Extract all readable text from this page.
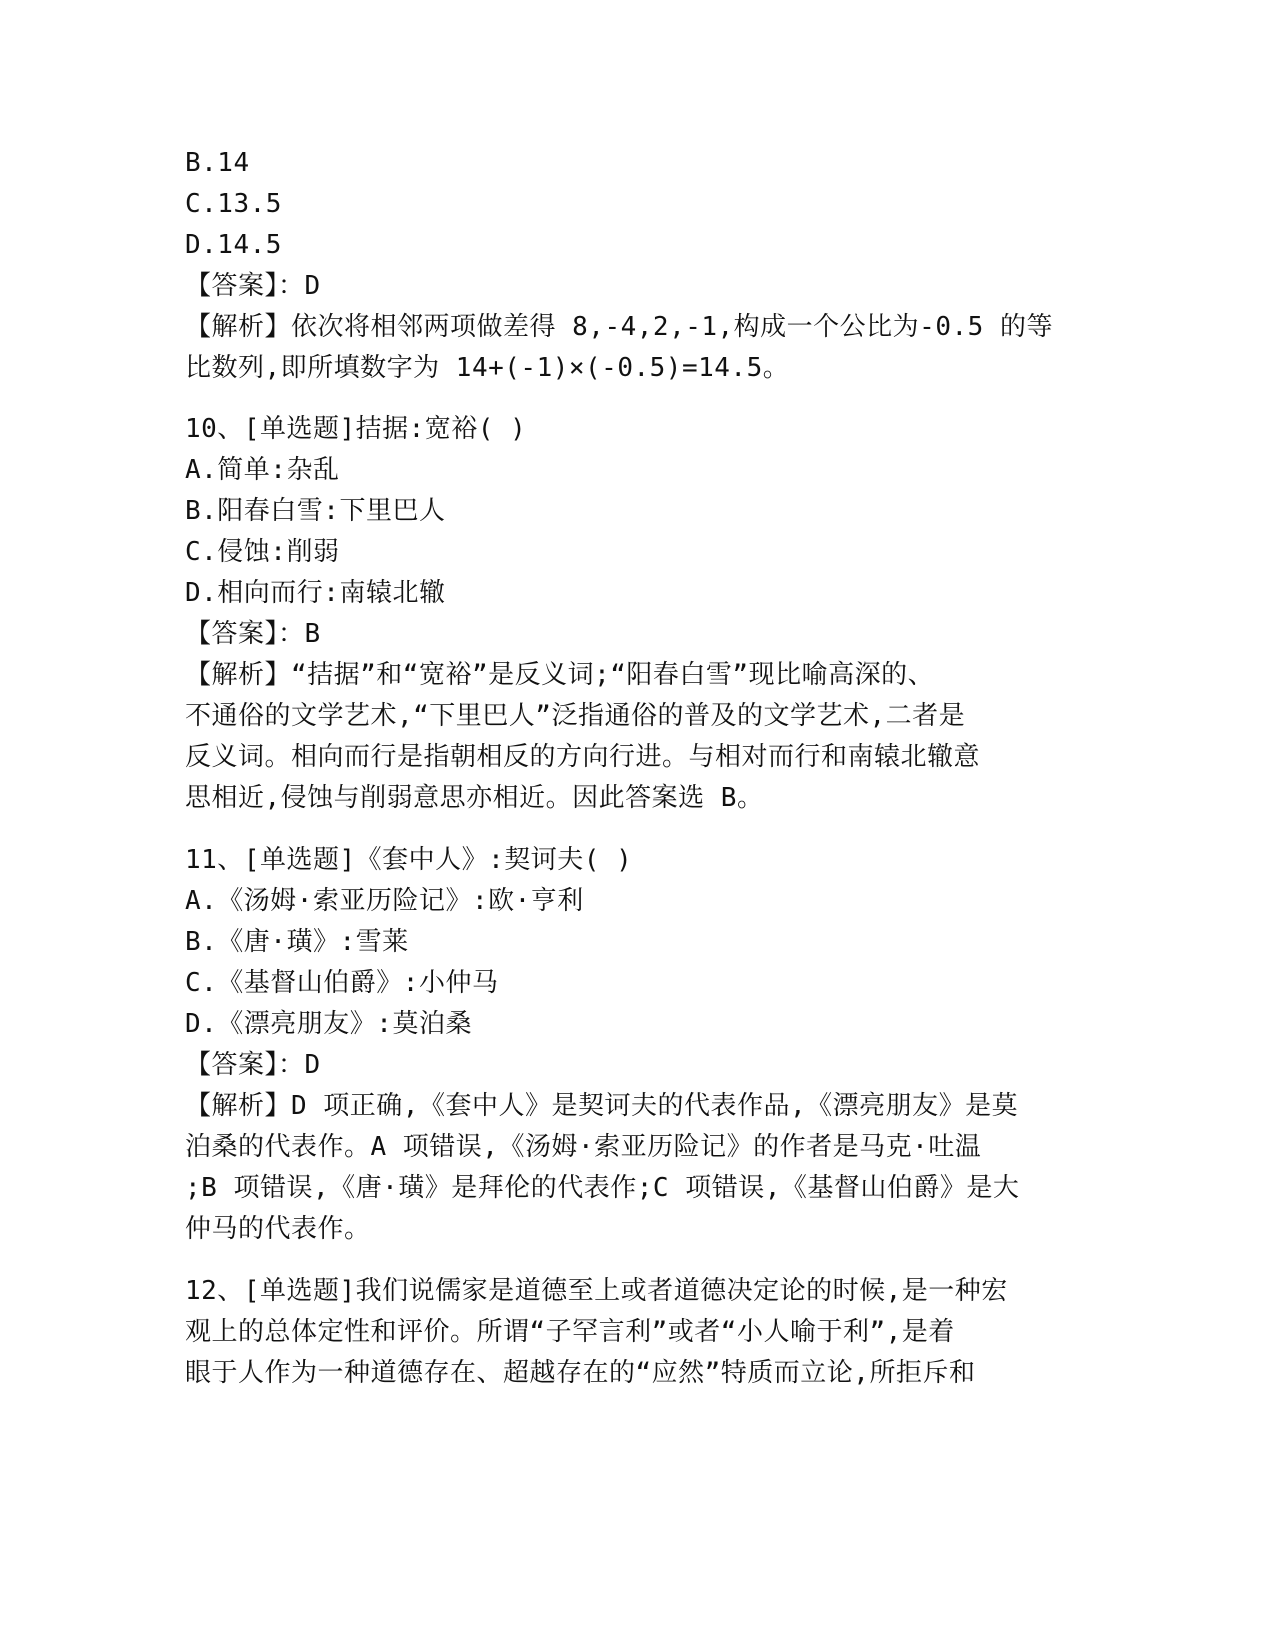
B.14
C.13.5
D.14.5
【答案】：D
【解析】依次将相邻两项做差得 8,-4,2,-1,构成一个公比为-0.5 的等
比数列,即所填数字为 14+(-1)×(-0.5)=14.5。
10、[单选题]拮据:宽裕( )
A.简单:杂乱
B.阳春白雪:下里巴人
C.侵蚀:削弱
D.相向而行:南辕北辙
【答案】：B
【解析】“拮据”和“宽裕”是反义词;“阳春白雪”现比喻高深的、
不通俗的文学艺术,“下里巴人”泛指通俗的普及的文学艺术,二者是
反义词。相向而行是指朝相反的方向行进。与相对而行和南辕北辙意
思相近,侵蚀与削弱意思亦相近。因此答案选 B。
11、[单选题]《套中人》:契诃夫( )
A.《汤姆·索亚历险记》:欧·亨利
B.《唐·璜》:雪莱
C.《基督山伯爵》:小仲马
D.《漂亮朋友》:莫泊桑
【答案】：D
【解析】D 项正确,《套中人》是契诃夫的代表作品,《漂亮朋友》是莫
泊桑的代表作。A 项错误,《汤姆·索亚历险记》的作者是马克·吐温
;B 项错误,《唐·璜》是拜伦的代表作;C 项错误,《基督山伯爵》是大
仲马的代表作。
12、[单选题]我们说儒家是道德至上或者道德决定论的时候,是一种宏
观上的总体定性和评价。所谓“子罕言利”或者“小人喻于利”,是着
眼于人作为一种道德存在、超越存在的“应然”特质而立论,所拒斥和
